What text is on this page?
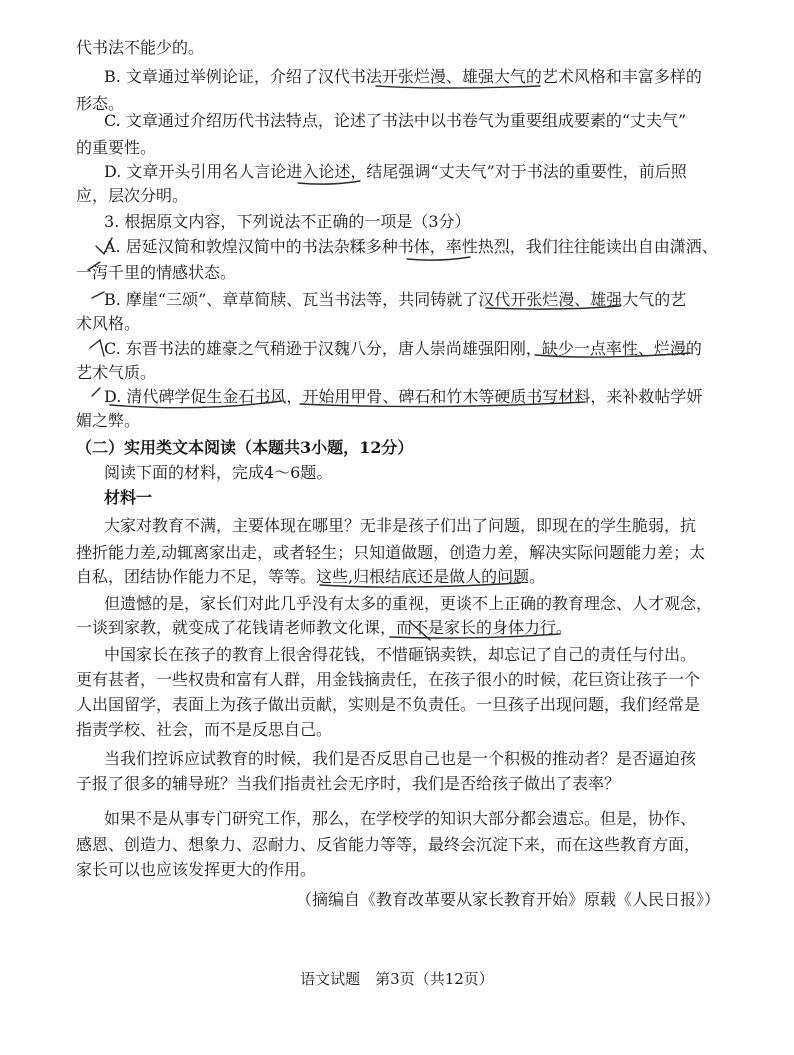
代书法不能少的。
B. 文章通过举例论证，介绍了汉代书法开张烂漫、雄强大气的艺术风格和丰富多样的
形态。
C. 文章通过介绍历代书法特点，论述了书法中以书卷气为重要组成要素的“丈夫气”
的重要性。
D. 文章开头引用名人言论进入论述，结尾强调“丈夫气”对于书法的重要性，前后照
应，层次分明。
3. 根据原文内容，下列说法不正确的一项是（3分）
A. 居延汉简和敦煌汉简中的书法杂糅多种书体，率性热烈，我们往往能读出自由潇洒、
一泻千里的情感状态。
B. 摩崖“三颂”、章草简牍、瓦当书法等，共同铸就了汉代开张烂漫、雄强大气的艺
术风格。
C. 东晋书法的雄豪之气稍逊于汉魏八分，唐人崇尚雄强阳刚，缺少一点率性、烂漫的
艺术气质。
D. 清代碑学促生金石书风，开始用甲骨、碑石和竹木等硬质书写材料，来补救帖学妍
媚之弊。
（二）实用类文本阅读（本题共3小题，12分）
阅读下面的材料，完成4～6题。
材料一
大家对教育不满，主要体现在哪里？无非是孩子们出了问题，即现在的学生脆弱，抗
挫折能力差,动辄离家出走，或者轻生；只知道做题，创造力差，解决实际问题能力差；太
自私，团结协作能力不足，等等。这些,归根结底还是做人的问题。
但遗憾的是，家长们对此几乎没有太多的重视，更谈不上正确的教育理念、人才观念，
一谈到家教，就变成了花钱请老师教文化课，而不是家长的身体力行。
中国家长在孩子的教育上很舍得花钱，不惜砸锅卖铁，却忘记了自己的责任与付出。
更有甚者，一些权贵和富有人群，用金钱摘责任，在孩子很小的时候，花巨资让孩子一个
人出国留学，表面上为孩子做出贡献，实则是不负责任。一旦孩子出现问题，我们经常是
指责学校、社会，而不是反思自己。
当我们控诉应试教育的时候，我们是否反思自己也是一个积极的推动者？是否逼迫孩
子报了很多的辅导班？当我们指责社会无序时，我们是否给孩子做出了表率？
如果不是从事专门研究工作，那么，在学校学的知识大部分都会遗忘。但是，协作、
感恩、创造力、想象力、忍耐力、反省能力等等，最终会沉淀下来，而在这些教育方面，
家长可以也应该发挥更大的作用。
（摘编自《教育改革要从家长教育开始》原载《人民日报》）
语文试题　第3页（共12页）
